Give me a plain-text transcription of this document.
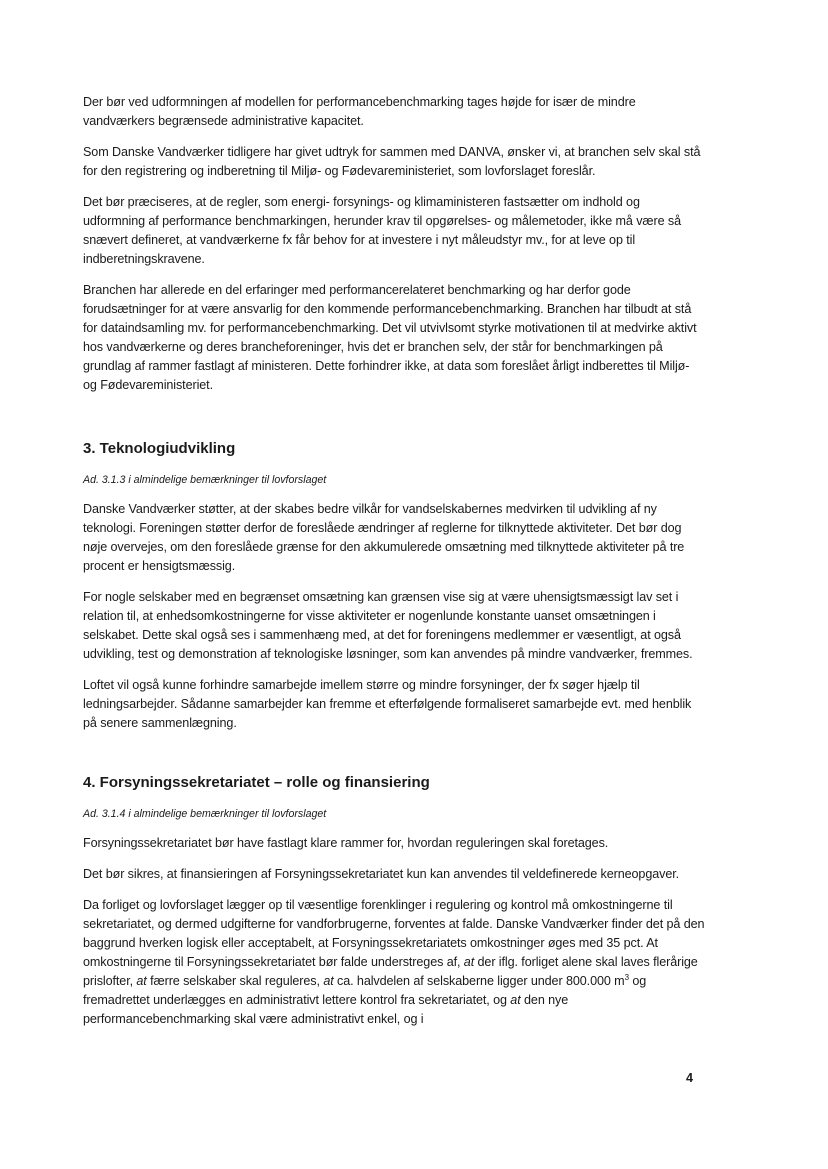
Der bør ved udformningen af modellen for performancebenchmarking tages højde for især de mindre vandværkers begrænsede administrative kapacitet.

Som Danske Vandværker tidligere har givet udtryk for sammen med DANVA, ønsker vi, at branchen selv skal stå for den registrering og indberetning til Miljø- og Fødevareministeriet, som lovforslaget foreslår.

Det bør præciseres, at de regler, som energi- forsynings- og klimaministeren fastsætter om indhold og udformning af performance benchmarkingen, herunder krav til opgørelses- og målemetoder, ikke må være så snævert defineret, at vandværkerne fx får behov for at investere i nyt måleudstyr mv., for at leve op til indberetningskravene.

Branchen har allerede en del erfaringer med performancerelateret benchmarking og har derfor gode forudsætninger for at være ansvarlig for den kommende performancebenchmarking. Branchen har tilbudt at stå for dataindsamling mv. for performancebenchmarking. Det vil utvivlsomt styrke motivationen til at medvirke aktivt hos vandværkerne og deres brancheforeninger, hvis det er branchen selv, der står for benchmarkingen på grundlag af rammer fastlagt af ministeren. Dette forhindrer ikke, at data som foreslået årligt indberettes til Miljø- og Fødevareministeriet.

3. Teknologiudvikling
Ad. 3.1.3 i almindelige bemærkninger til lovforslaget

Danske Vandværker støtter, at der skabes bedre vilkår for vandselskabernes medvirken til udvikling af ny teknologi. Foreningen støtter derfor de foreslåede ændringer af reglerne for tilknyttede aktiviteter. Det bør dog nøje overvejes, om den foreslåede grænse for den akkumulerede omsætning med tilknyttede aktiviteter på tre procent er hensigtsmæssig.

For nogle selskaber med en begrænset omsætning kan grænsen vise sig at være uhensigtsmæssigt lav set i relation til, at enhedsomkostningerne for visse aktiviteter er nogenlunde konstante uanset omsætningen i selskabet. Dette skal også ses i sammenhæng med, at det for foreningens medlemmer er væsentligt, at også udvikling, test og demonstration af teknologiske løsninger, som kan anvendes på mindre vandværker, fremmes.

Loftet vil også kunne forhindre samarbejde imellem større og mindre forsyninger, der fx søger hjælp til ledningsarbejder. Sådanne samarbejder kan fremme et efterfølgende formaliseret samarbejde evt. med henblik på senere sammenlægning.

4. Forsyningssekretariatet – rolle og finansiering
Ad. 3.1.4 i almindelige bemærkninger til lovforslaget

Forsyningssekretariatet bør have fastlagt klare rammer for, hvordan reguleringen skal foretages.

Det bør sikres, at finansieringen af Forsyningssekretariatet kun kan anvendes til veldefinerede kerneopgaver.

Da forliget og lovforslaget lægger op til væsentlige forenklinger i regulering og kontrol må omkostningerne til sekretariatet, og dermed udgifterne for vandforbrugerne, forventes at falde. Danske Vandværker finder det på den baggrund hverken logisk eller acceptabelt, at Forsyningssekretariatets omkostninger øges med 35 pct. At omkostningerne til Forsyningssekretariatet bør falde understreges af, at der iflg. forliget alene skal laves flerårige prislofter, at færre selskaber skal reguleres, at ca. halvdelen af selskaberne ligger under 800.000 $m^3$ og fremadrettet underlægges en administrativt lettere kontrol fra sekretariatet, og at den nye performancebenchmarking skal være administrativt enkel, og i

4
